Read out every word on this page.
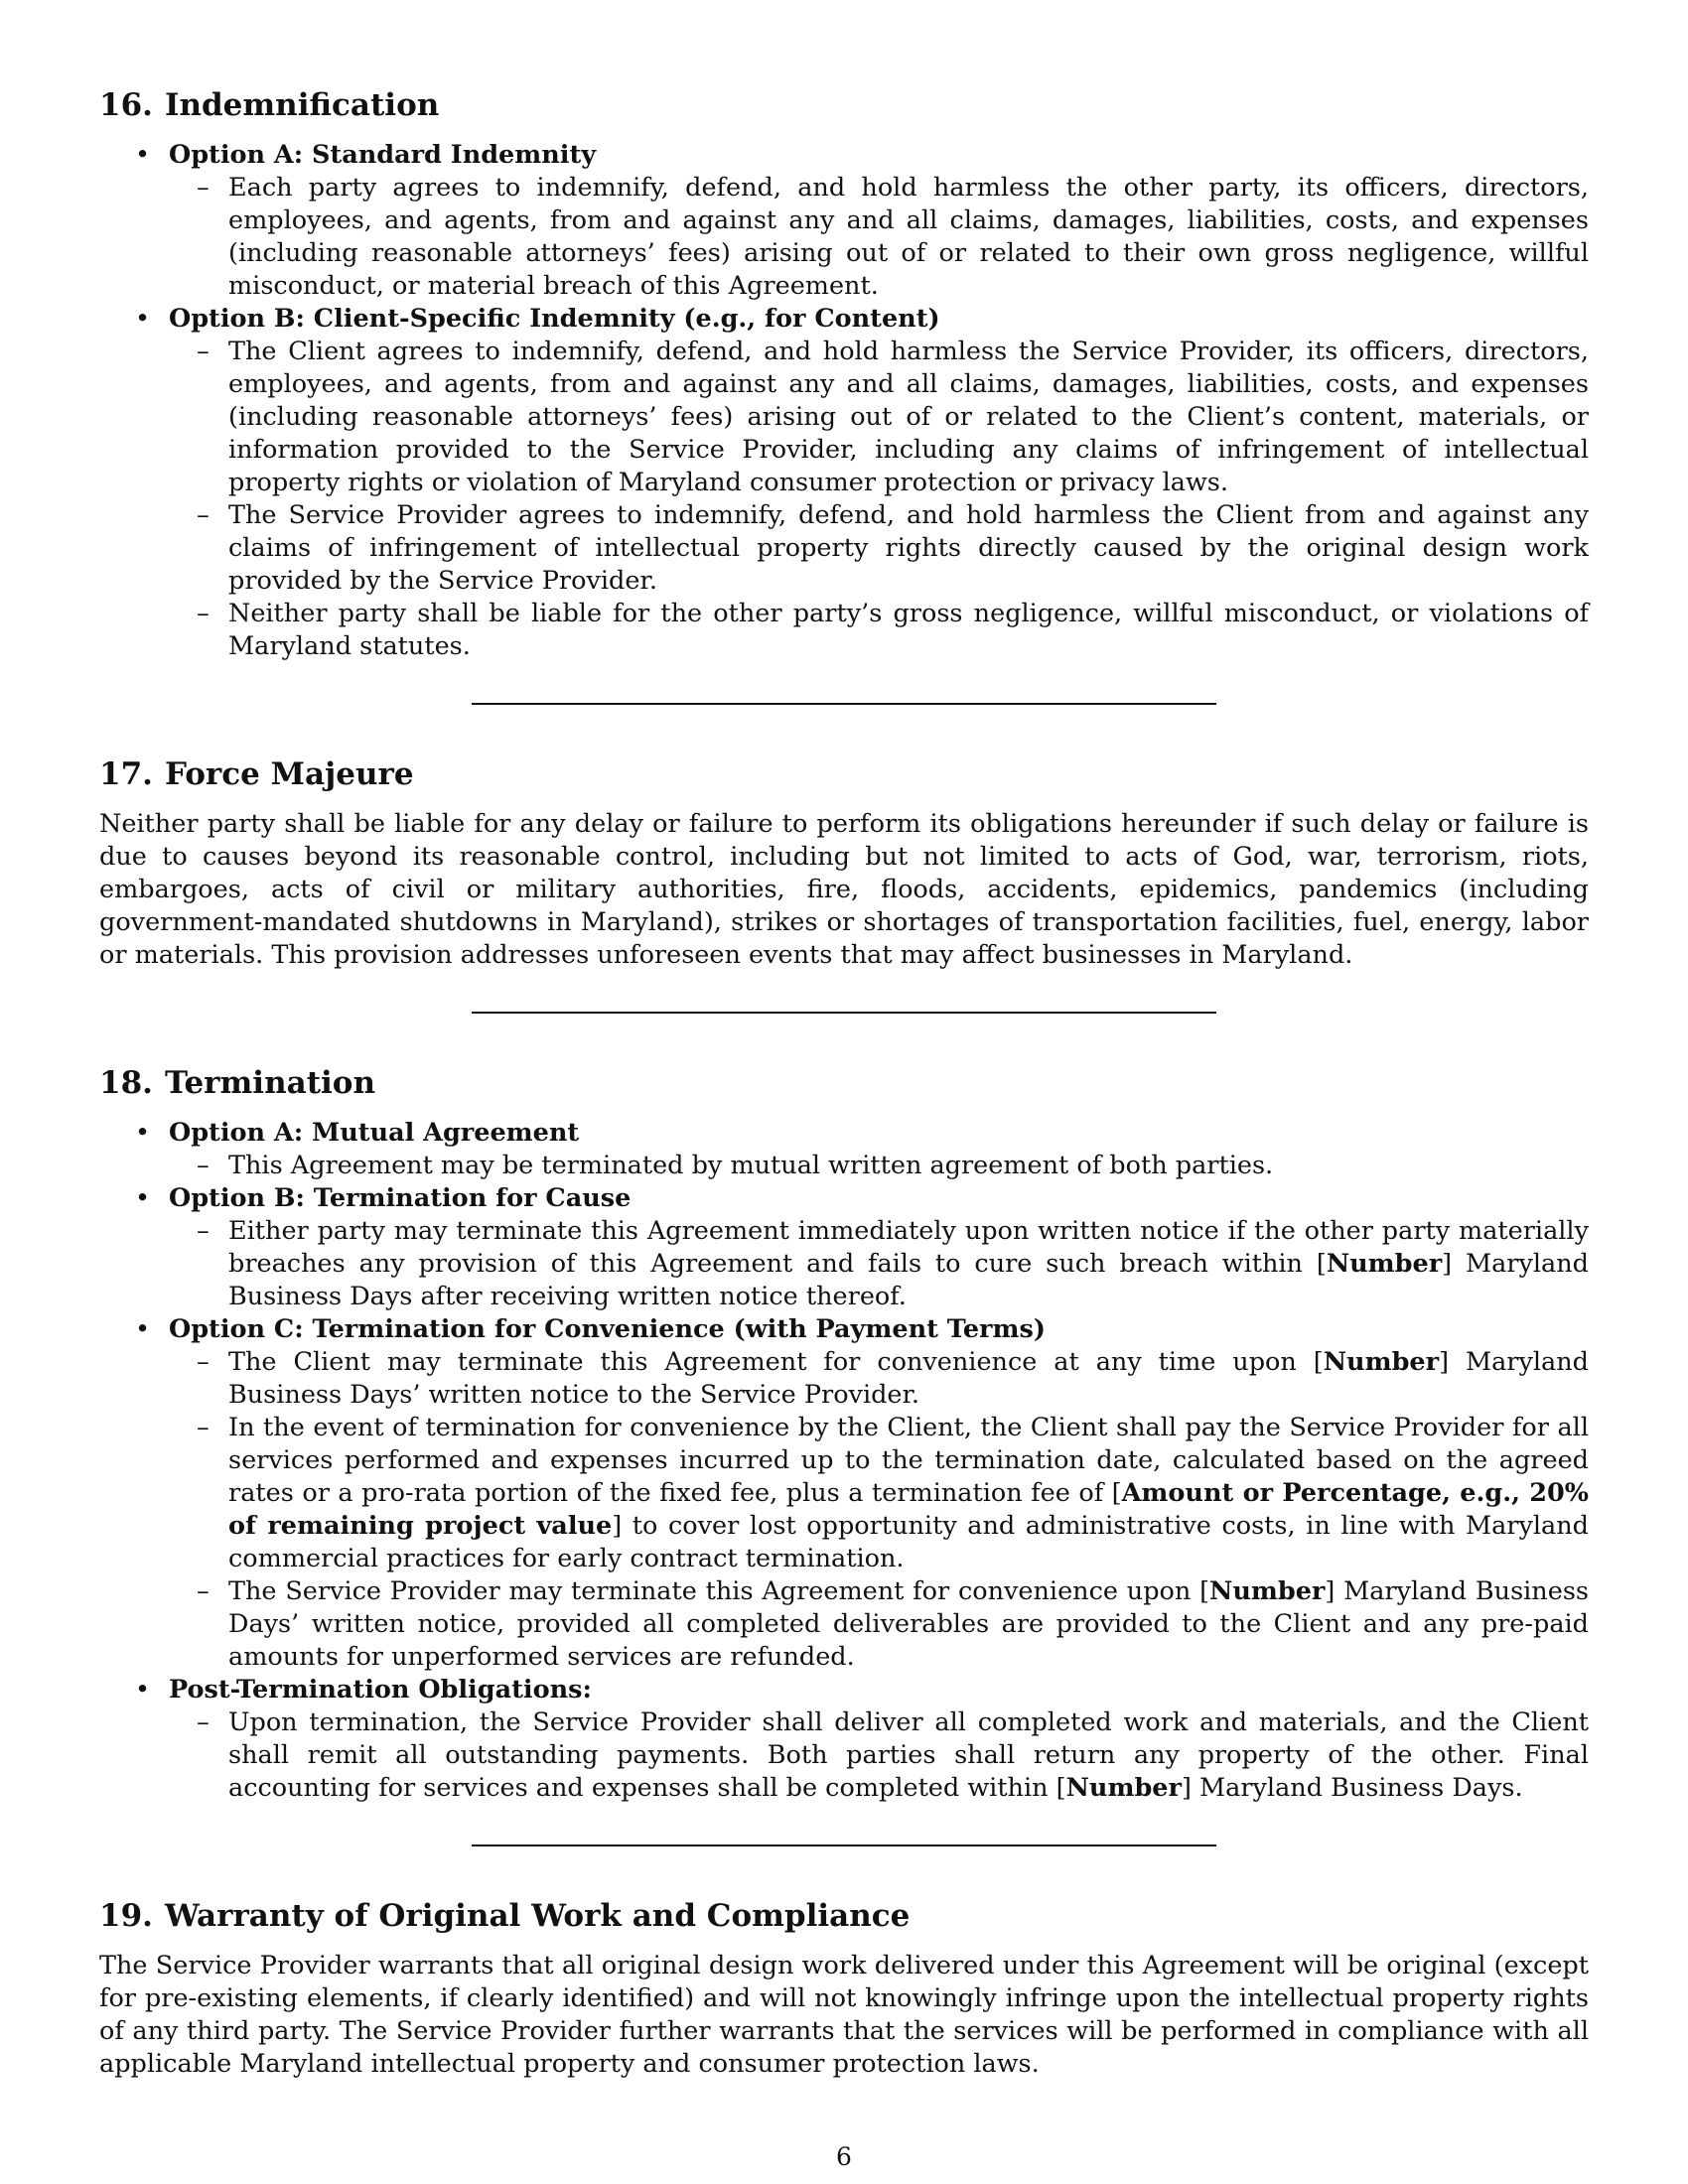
16. Indemnification
• Option A: Standard Indemnity
– Each party agrees to indemnify, defend, and hold harmless the other party, its officers, directors, employees, and agents, from and against any and all claims, damages, liabilities, costs, and expenses (including reasonable attorneys’ fees) arising out of or related to their own gross negligence, willful misconduct, or material breach of this Agreement.
• Option B: Client-Specific Indemnity (e.g., for Content)
– The Client agrees to indemnify, defend, and hold harmless the Service Provider, its officers, directors, employees, and agents, from and against any and all claims, damages, liabilities, costs, and expenses (including reasonable attorneys’ fees) arising out of or related to the Client’s content, materials, or information provided to the Service Provider, including any claims of infringement of intellectual property rights or violation of Maryland consumer protection or privacy laws.
– The Service Provider agrees to indemnify, defend, and hold harmless the Client from and against any claims of infringement of intellectual property rights directly caused by the original design work provided by the Service Provider.
– Neither party shall be liable for the other party’s gross negligence, willful misconduct, or violations of Maryland statutes.
17. Force Majeure

Neither party shall be liable for any delay or failure to perform its obligations hereunder if such delay or failure is due to causes beyond its reasonable control, including but not limited to acts of God, war, terrorism, riots, embargoes, acts of civil or military authorities, fire, floods, accidents, epidemics, pandemics (including government-mandated shutdowns in Maryland), strikes or shortages of transportation facilities, fuel, energy, labor or materials. This provision addresses unforeseen events that may affect businesses in Maryland.

18. Termination
• Option A: Mutual Agreement
– This Agreement may be terminated by mutual written agreement of both parties.
• Option B: Termination for Cause
– Either party may terminate this Agreement immediately upon written notice if the other party materially breaches any provision of this Agreement and fails to cure such breach within [Number] Maryland Business Days after receiving written notice thereof.
• Option C: Termination for Convenience (with Payment Terms)
– The Client may terminate this Agreement for convenience at any time upon [Number] Maryland Business Days’ written notice to the Service Provider.
– In the event of termination for convenience by the Client, the Client shall pay the Service Provider for all services performed and expenses incurred up to the termination date, calculated based on the agreed rates or a pro-rata portion of the fixed fee, plus a termination fee of [Amount or Percentage, e.g., 20% of remaining project value] to cover lost opportunity and administrative costs, in line with Maryland commercial practices for early contract termination.
– The Service Provider may terminate this Agreement for convenience upon [Number] Maryland Business Days’ written notice, provided all completed deliverables are provided to the Client and any pre-paid amounts for unperformed services are refunded.
• Post-Termination Obligations:
– Upon termination, the Service Provider shall deliver all completed work and materials, and the Client shall remit all outstanding payments. Both parties shall return any property of the other. Final accounting for services and expenses shall be completed within [Number] Maryland Business Days.
19. Warranty of Original Work and Compliance

The Service Provider warrants that all original design work delivered under this Agreement will be original (except for pre-existing elements, if clearly identified) and will not knowingly infringe upon the intellectual property rights of any third party. The Service Provider further warrants that the services will be performed in compliance with all applicable Maryland intellectual property and consumer protection laws.

6
